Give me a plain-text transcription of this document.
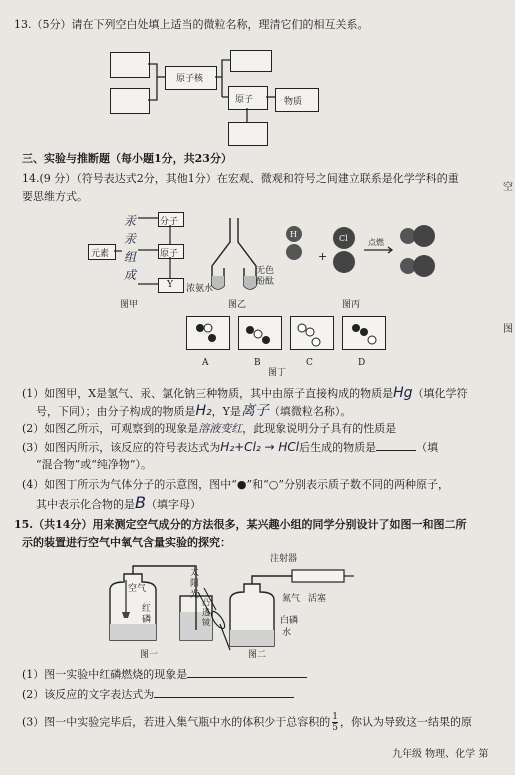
13.（5分）请在下列空白处填上适当的微粒名称，理清它们的相互关系。
原子核
原子	物质
三、实验与推断题（每小题1分，共23分）
14.(9 分）（符号表达式2分，其他1分）在宏观、微观和符号之间建立联系是化学学科的重
要思维方式。
元素
分子
原子
Y
汞 汞 组成
图甲
浓氨水
无色酚酞
图乙
H	Cl
+
点燃
图丙
A	B	C	D
图丁
(1）如图甲，X是氢气、汞、氯化钠三种物质，其中由原子直接构成的物质是Hg（填化学符
号，下同）；由分子构成的物质是H₂，Y是离子（填微粒名称）。
(2）如图乙所示，可观察到的现象是溶液变红，此现象说明分子具有的性质是
(3）如图丙所示，该反应的符号表达式为H₂+Cl₂ → HCl后生成的物质是	（填
“混合物”或“纯净物”）。
(4）如图丁所示为气体分子的示意图，图中“●”和“○”分别表示质子数不同的两种原子，
其中表示化合物的是B（填字母）
15.（共14分）用来测定空气成分的方法很多，某兴趣小组的同学分别设计了如图一和图二所
示的装置进行空气中氧气含量实验的探究：
空气
红磷
图一
注射器
太阳光
凸透镜
氮气 活塞
白磷
水
图二
(1）图一实验中红磷燃烧的现象是
(2）该反应的文字表达式为
(3）图一中实验完毕后，若进入集气瓶中水的体积少于总容积的 $\frac{1}{5}$ ，你认为导致这一结果的原
九年级 物理、化学 第
空
图
